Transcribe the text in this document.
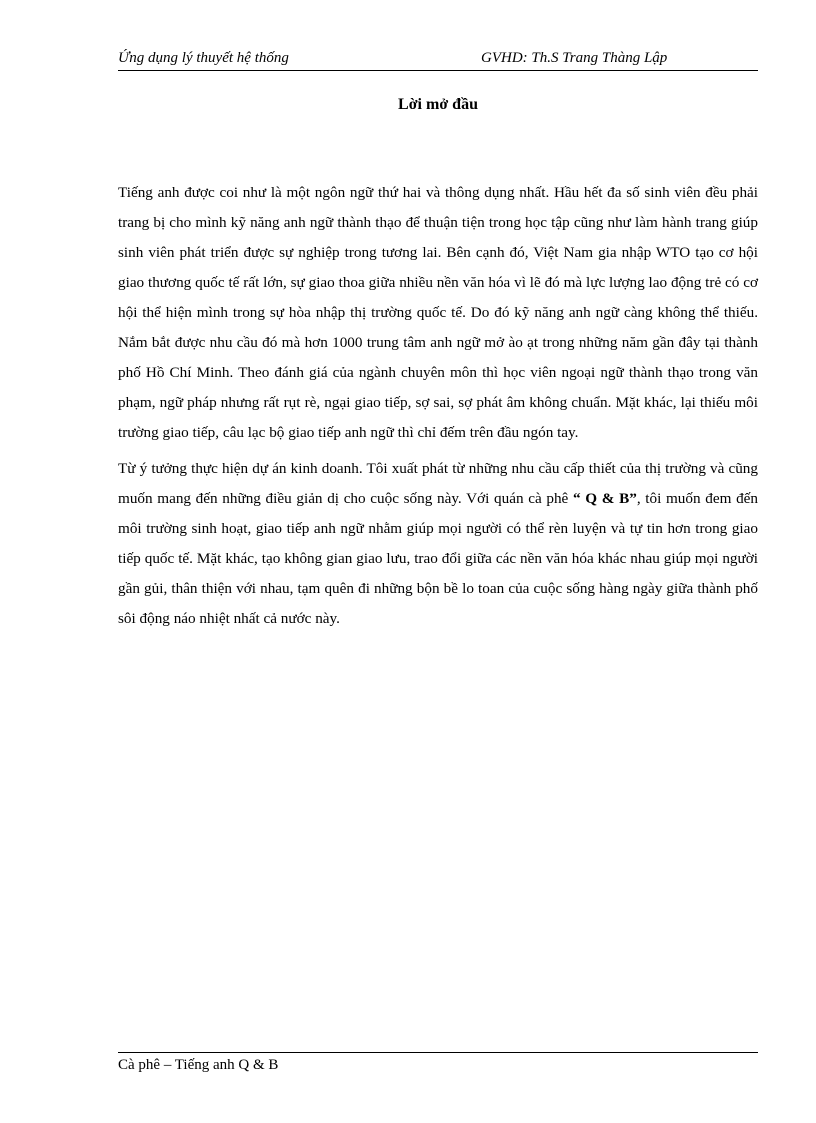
Ứng dụng lý thuyết hệ thống	GVHD: Th.S Trang Thàng Lập
Lời mở đầu

Tiếng anh được coi như là một ngôn ngữ thứ hai và thông dụng nhất. Hầu hết đa số sinh viên đều phải trang bị cho mình kỹ năng anh ngữ thành thạo để thuận tiện trong học tập cũng như làm hành trang giúp sinh viên phát triển được sự nghiệp trong tương lai. Bên cạnh đó, Việt Nam gia nhập WTO tạo cơ hội giao thương quốc tế rất lớn, sự giao thoa giữa nhiều nền văn hóa vì lẽ đó mà lực lượng lao động trẻ có cơ hội thể hiện mình trong sự hòa nhập thị trường quốc tế. Do đó kỹ năng anh ngữ càng không thể thiếu. Nắm bắt được nhu cầu đó mà hơn 1000 trung tâm anh ngữ mở ào ạt trong những năm gần đây tại thành phố Hồ Chí Minh. Theo đánh giá của ngành chuyên môn thì học viên ngoại ngữ thành thạo trong văn phạm, ngữ pháp nhưng rất rụt rè, ngại giao tiếp, sợ sai, sợ phát âm không chuẩn. Mặt khác, lại thiếu môi trường giao tiếp, câu lạc bộ giao tiếp anh ngữ thì chỉ đếm trên đầu ngón tay.

Từ ý tưởng thực hiện dự án kinh doanh. Tôi xuất phát từ những nhu cầu cấp thiết của thị trường và cũng muốn mang đến những điều giản dị cho cuộc sống này. Với quán cà phê “ Q & B”, tôi muốn đem đến môi trường sinh hoạt, giao tiếp anh ngữ nhằm giúp mọi người có thể rèn luyện và tự tin hơn trong giao tiếp quốc tế. Mặt khác, tạo không gian giao lưu, trao đổi giữa các nền văn hóa khác nhau giúp mọi người gần gủi, thân thiện với nhau, tạm quên đi những bộn bề lo toan của cuộc sống hàng ngày giữa thành phố sôi động náo nhiệt nhất cả nước này.

Cà phê – Tiếng anh Q & B
